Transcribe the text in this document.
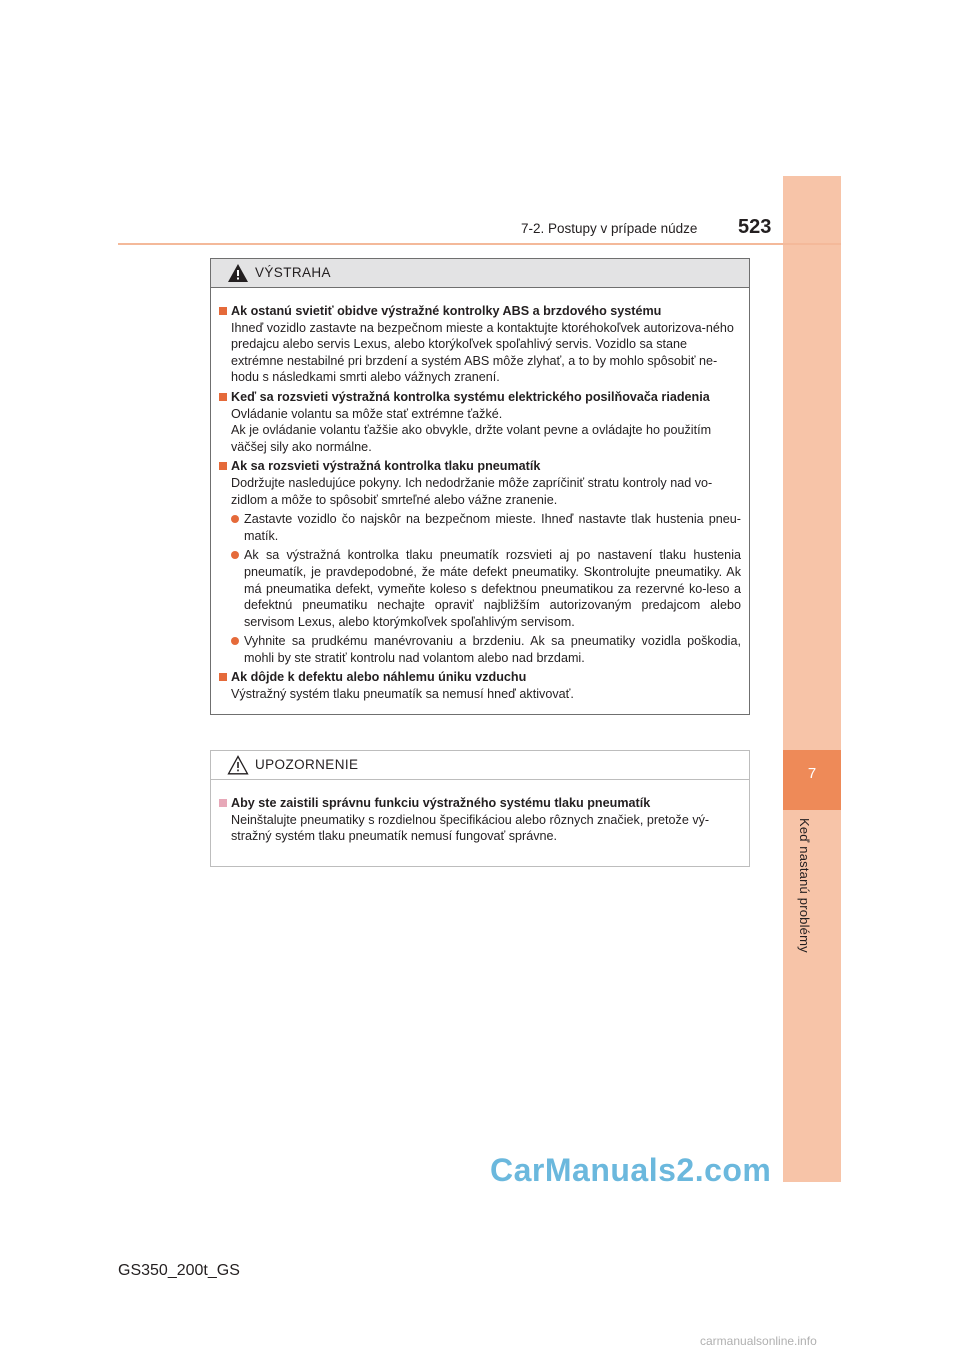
7
Keď nastanú problémy
7-2. Postupy v prípade núdze 523
VÝSTRAHA
Ak ostanú svietiť obidve výstražné kontrolky ABS a brzdového systému
Ihneď vozidlo zastavte na bezpečnom mieste a kontaktujte ktoréhokoľvek autorizova-ného predajcu alebo servis Lexus, alebo ktorýkoľvek spoľahlivý servis. Vozidlo sa stane extrémne nestabilné pri brzdení a systém ABS môže zlyhať, a to by mohlo spôsobiť ne-hodu s následkami smrti alebo vážnych zranení.
Keď sa rozsvieti výstražná kontrolka systému elektrického posilňovača riadenia
Ovládanie volantu sa môže stať extrémne ťažké.
Ak je ovládanie volantu ťažšie ako obvykle, držte volant pevne a ovládajte ho použitím väčšej sily ako normálne.
Ak sa rozsvieti výstražná kontrolka tlaku pneumatík
Dodržujte nasledujúce pokyny. Ich nedodržanie môže zapríčiniť stratu kontroly nad vo-zidlom a môže to spôsobiť smrteľné alebo vážne zranenie.
Zastavte vozidlo čo najskôr na bezpečnom mieste. Ihneď nastavte tlak hustenia pneu-matík.
Ak sa výstražná kontrolka tlaku pneumatík rozsvieti aj po nastavení tlaku hustenia pneumatík, je pravdepodobné, že máte defekt pneumatiky. Skontrolujte pneumatiky. Ak má pneumatika defekt, vymeňte koleso s defektnou pneumatikou za rezervné ko-leso a defektnú pneumatiku nechajte opraviť najbližším autorizovaným predajcom alebo servisom Lexus, alebo ktorýmkoľvek spoľahlivým servisom.
Vyhnite sa prudkému manévrovaniu a brzdeniu. Ak sa pneumatiky vozidla poškodia, mohli by ste stratiť kontrolu nad volantom alebo nad brzdami.
Ak dôjde k defektu alebo náhlemu úniku vzduchu
Výstražný systém tlaku pneumatík sa nemusí hneď aktivovať.
UPOZORNENIE
Aby ste zaistili správnu funkciu výstražného systému tlaku pneumatík
Neinštalujte pneumatiky s rozdielnou špecifikáciou alebo rôznych značiek, pretože vý-stražný systém tlaku pneumatík nemusí fungovať správne.
CarManuals2.com
GS350_200t_GS
carmanualsonline.info
